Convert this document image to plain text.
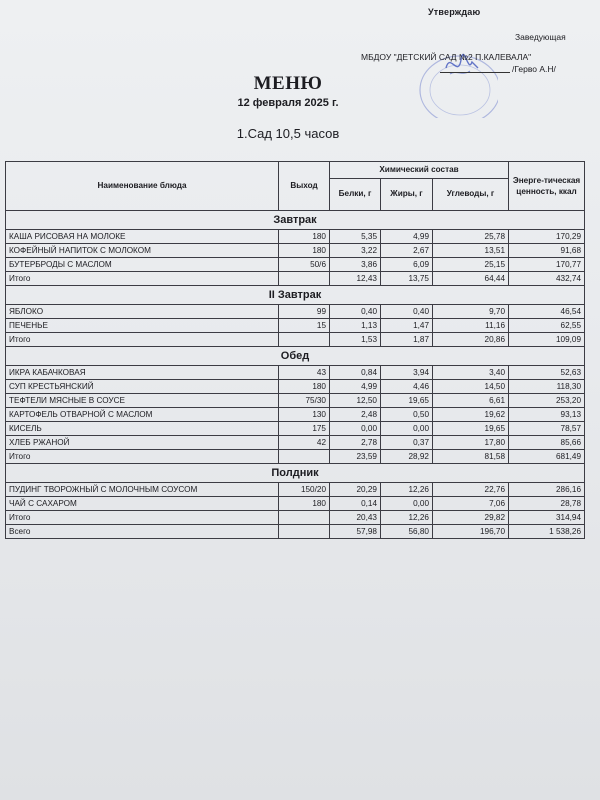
Утверждаю
Заведующая
МБДОУ "ДЕТСКИЙ САД №2 П.КАЛЕВАЛА"
/Герво А.Н/
МЕНЮ
12 февраля 2025 г.
1.Сад 10,5 часов
Наименование блюда	Выход	Химический состав			Энерге-тическая ценность, ккал
		Белки, г	Жиры, г	Углеводы, г	
Завтрак					
КАША РИСОВАЯ НА МОЛОКЕ	180	5,35	4,99	25,78	170,29
КОФЕЙНЫЙ НАПИТОК С МОЛОКОМ	180	3,22	2,67	13,51	91,68
БУТЕРБРОДЫ С МАСЛОМ	50/6	3,86	6,09	25,15	170,77
Итого		12,43	13,75	64,44	432,74
II Завтрак					
ЯБЛОКО	99	0,40	0,40	9,70	46,54
ПЕЧЕНЬЕ	15	1,13	1,47	11,16	62,55
Итого		1,53	1,87	20,86	109,09
Обед					
ИКРА КАБАЧКОВАЯ	43	0,84	3,94	3,40	52,63
СУП КРЕСТЬЯНСКИЙ	180	4,99	4,46	14,50	118,30
ТЕФТЕЛИ МЯСНЫЕ В СОУСЕ	75/30	12,50	19,65	6,61	253,20
КАРТОФЕЛЬ ОТВАРНОЙ С МАСЛОМ	130	2,48	0,50	19,62	93,13
КИСЕЛЬ	175	0,00	0,00	19,65	78,57
ХЛЕБ РЖАНОЙ	42	2,78	0,37	17,80	85,66
Итого		23,59	28,92	81,58	681,49
Полдник					
ПУДИНГ ТВОРОЖНЫЙ С МОЛОЧНЫМ СОУСОМ	150/20	20,29	12,26	22,76	286,16
ЧАЙ С САХАРОМ	180	0,14	0,00	7,06	28,78
Итого		20,43	12,26	29,82	314,94
Всего		57,98	56,80	196,70	1 538,26
